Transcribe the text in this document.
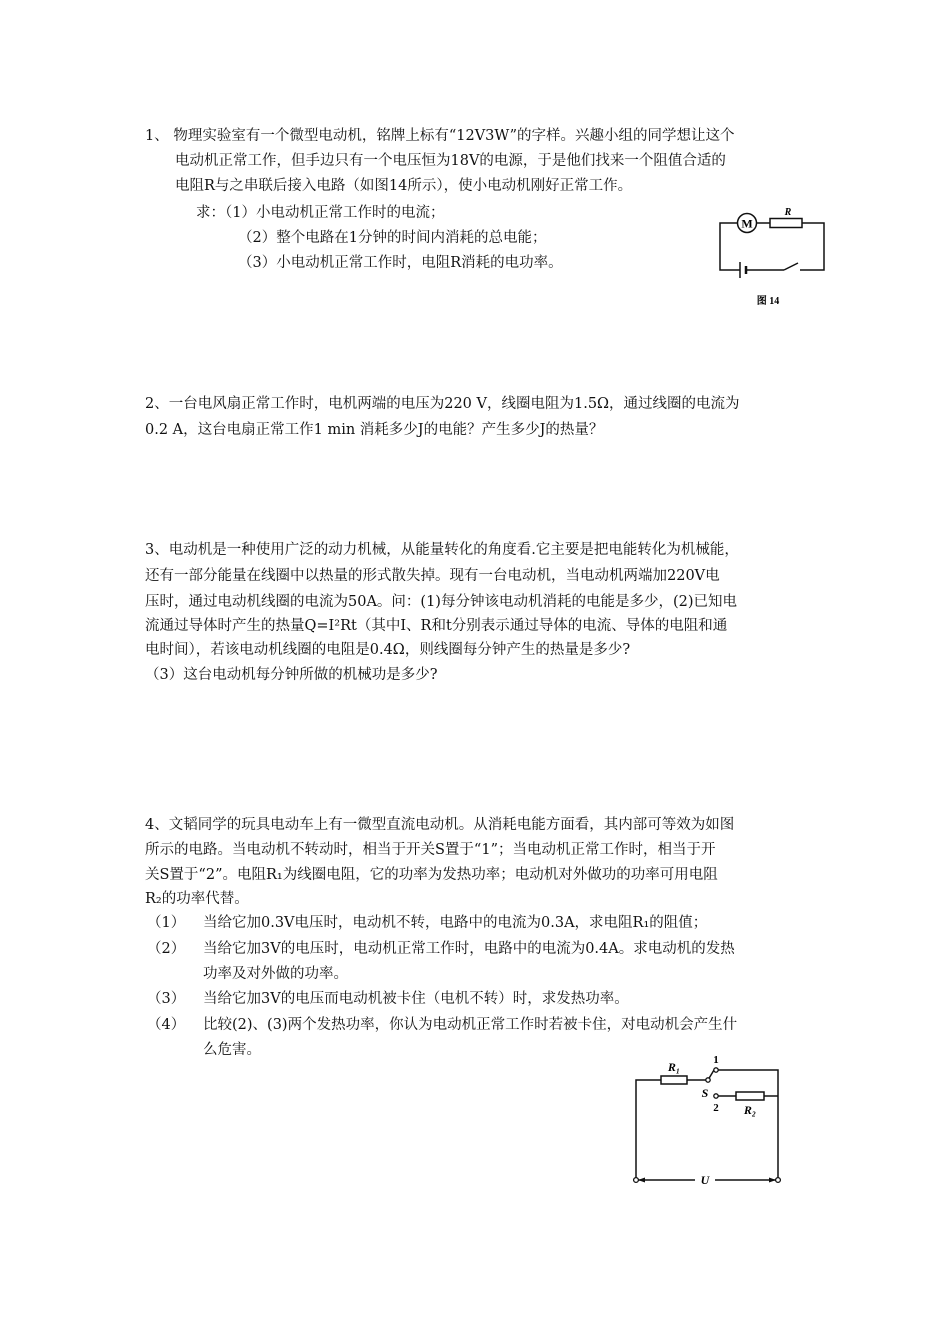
1、 物理实验室有一个微型电动机，铭牌上标有“12V3W”的字样。兴趣小组的同学想让这个
电动机正常工作，但手边只有一个电压恒为18V的电源，于是他们找来一个阻值合适的
电阻R与之串联后接入电路（如图14所示），使小电动机刚好正常工作。
求：（1）小电动机正常工作时的电流；
（2）整个电路在1分钟的时间内消耗的总电能；
（3）小电动机正常工作时，电阻R消耗的电功率。
M
R
图 14
2、一台电风扇正常工作时，电机两端的电压为220 V，线圈电阻为1.5Ω，通过线圈的电流为
0.2 A，这台电扇正常工作1 min 消耗多少J的电能？产生多少J的热量？
3、电动机是一种使用广泛的动力机械，从能量转化的角度看.它主要是把电能转化为机械能，
还有一部分能量在线圈中以热量的形式散失掉。现有一台电动机，当电动机两端加220V电
压时，通过电动机线圈的电流为50A。问：(1)每分钟该电动机消耗的电能是多少，(2)已知电
流通过导体时产生的热量Q=I²Rt（其中I、R和t分别表示通过导体的电流、导体的电阻和通
电时间），若该电动机线圈的电阻是0.4Ω，则线圈每分钟产生的热量是多少?
（3）这台电动机每分钟所做的机械功是多少?
4、文韬同学的玩具电动车上有一微型直流电动机。从消耗电能方面看，其内部可等效为如图
所示的电路。当电动机不转动时，相当于开关S置于“1”；当电动机正常工作时，相当于开
关S置于“2”。电阻R₁为线圈电阻，它的功率为发热功率；电动机对外做功的功率可用电阻
R₂的功率代替。
（1） 当给它加0.3V电压时，电动机不转，电路中的电流为0.3A，求电阻R₁的阻值；
（2） 当给它加3V的电压时，电动机正常工作时，电路中的电流为0.4A。求电动机的发热
功率及对外做的功率。
（3） 当给它加3V的电压而电动机被卡住（电机不转）时，求发热功率。
（4） 比较(2)、(3)两个发热功率，你认为电动机正常工作时若被卡住，对电动机会产生什
么危害。
R₁
R₂
S
1
2
U
